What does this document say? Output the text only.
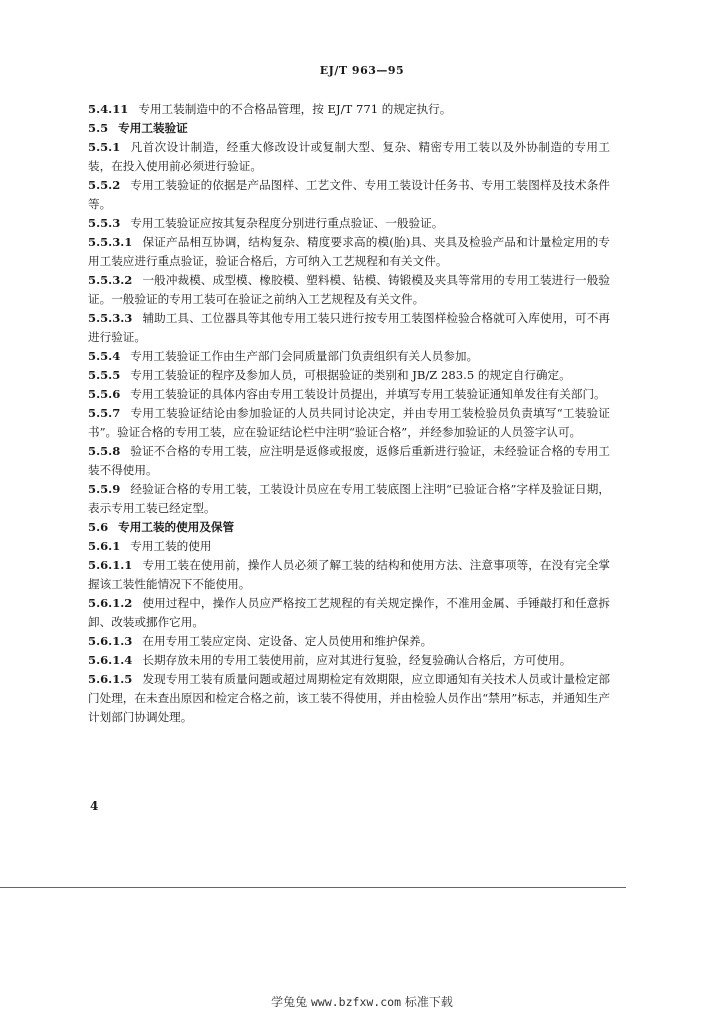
EJ/T 963—95

5.4.11 专用工装制造中的不合格品管理，按 EJ/T 771 的规定执行。

5.5 专用工装验证

5.5.1 凡首次设计制造，经重大修改设计或复制大型、复杂、精密专用工装以及外协制造的专用工装，在投入使用前必须进行验证。

5.5.2 专用工装验证的依据是产品图样、工艺文件、专用工装设计任务书、专用工装图样及技术条件等。

5.5.3 专用工装验证应按其复杂程度分别进行重点验证、一般验证。

5.5.3.1 保证产品相互协调，结构复杂、精度要求高的模(胎)具、夹具及检验产品和计量检定用的专用工装应进行重点验证，验证合格后，方可纳入工艺规程和有关文件。

5.5.3.2 一般冲裁模、成型模、橡胶模、塑料模、钻模、铸锻模及夹具等常用的专用工装进行一般验证。一般验证的专用工装可在验证之前纳入工艺规程及有关文件。

5.5.3.3 辅助工具、工位器具等其他专用工装只进行按专用工装图样检验合格就可入库使用，可不再进行验证。

5.5.4 专用工装验证工作由生产部门会同质量部门负责组织有关人员参加。

5.5.5 专用工装验证的程序及参加人员，可根据验证的类别和 JB/Z 283.5 的规定自行确定。

5.5.6 专用工装验证的具体内容由专用工装设计员提出，并填写专用工装验证通知单发往有关部门。

5.5.7 专用工装验证结论由参加验证的人员共同讨论决定，并由专用工装检验员负责填写“工装验证书”。验证合格的专用工装，应在验证结论栏中注明“验证合格”，并经参加验证的人员签字认可。

5.5.8 验证不合格的专用工装，应注明是返修或报废，返修后重新进行验证，未经验证合格的专用工装不得使用。

5.5.9 经验证合格的专用工装，工装设计员应在专用工装底图上注明“已验证合格”字样及验证日期，表示专用工装已经定型。

5.6 专用工装的使用及保管

5.6.1 专用工装的使用

5.6.1.1 专用工装在使用前，操作人员必须了解工装的结构和使用方法、注意事项等，在没有完全掌握该工装性能情况下不能使用。

5.6.1.2 使用过程中，操作人员应严格按工艺规程的有关规定操作，不准用金属、手锤敲打和任意拆卸、改装或挪作它用。

5.6.1.3 在用专用工装应定岗、定设备、定人员使用和维护保养。

5.6.1.4 长期存放未用的专用工装使用前，应对其进行复验，经复验确认合格后，方可使用。

5.6.1.5 发现专用工装有质量问题或超过周期检定有效期限，应立即通知有关技术人员或计量检定部门处理，在未查出原因和检定合格之前，该工装不得使用，并由检验人员作出“禁用”标志，并通知生产计划部门协调处理。

4
学兔兔 www.bzfxw.com 标准下载
